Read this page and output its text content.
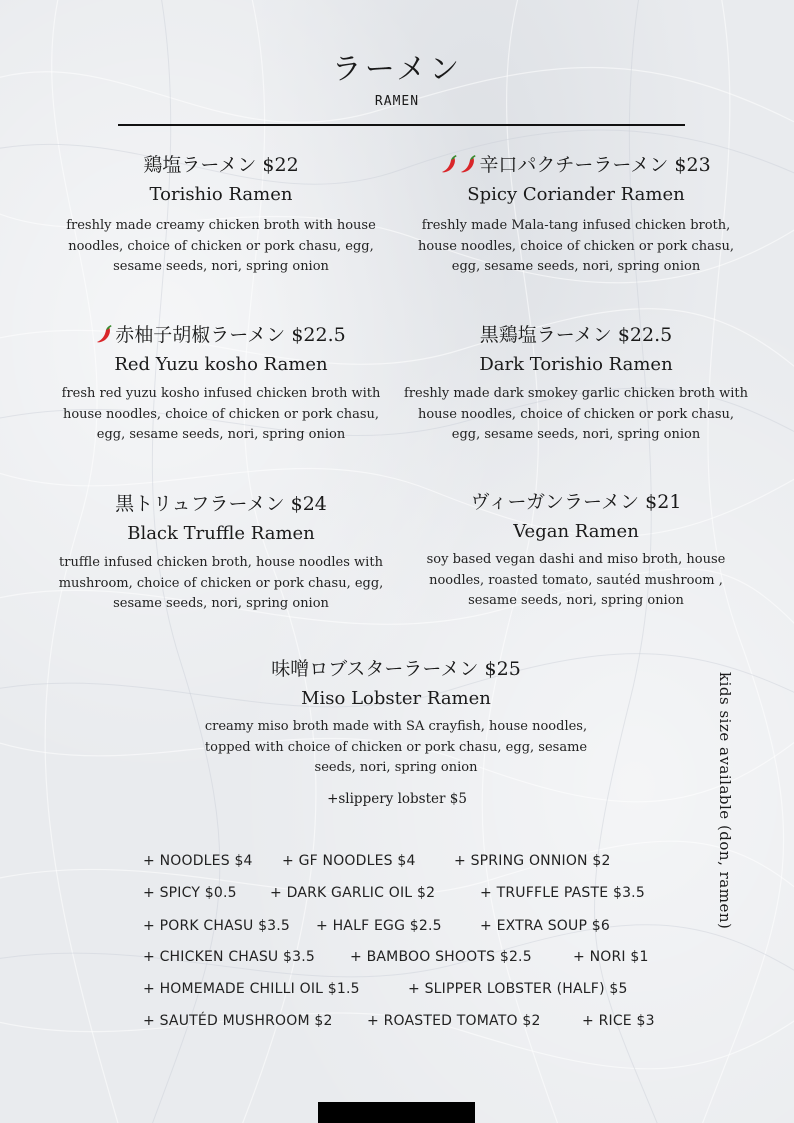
ラーメン
RAMEN
鶏塩ラーメン $22
Torishio Ramen
freshly made creamy chicken broth with house noodles, choice of chicken or pork chasu, egg, sesame seeds, nori, spring onion
辛口パクチーラーメン $23
Spicy Coriander Ramen
freshly made Mala-tang infused chicken broth, house noodles, choice of chicken or pork chasu, egg, sesame seeds, nori, spring onion
赤柚子胡椒ラーメン $22.5
Red Yuzu kosho Ramen
fresh red yuzu kosho infused chicken broth with house noodles, choice of chicken or pork chasu, egg, sesame seeds, nori, spring onion
黒鶏塩ラーメン $22.5
Dark Torishio Ramen
freshly made dark smokey garlic chicken broth with house noodles, choice of chicken or pork chasu, egg, sesame seeds, nori, spring onion
黒トリュフラーメン $24
Black Truffle Ramen
truffle infused chicken broth, house noodles with mushroom, choice of chicken or pork chasu, egg, sesame seeds, nori, spring onion
ヴィーガンラーメン $21
Vegan Ramen
soy based vegan dashi and miso broth, house noodles, roasted tomato, sautéd mushroom , sesame seeds, nori, spring onion
味噌ロブスターラーメン $25
Miso Lobster Ramen
creamy miso broth made with SA crayfish, house noodles, topped with choice of chicken or pork chasu, egg, sesame seeds, nori, spring onion
+slippery lobster $5
+ NOODLES $4 + GF NOODLES $4	+ SPRING ONNION $2
+ SPICY $0.5 + DARK GARLIC OIL $2	+ TRUFFLE PASTE $3.5
+ PORK CHASU $3.5 + HALF EGG $2.5	+ EXTRA SOUP $6
+ CHICKEN CHASU $3.5	+ BAMBOO SHOOTS $2.5	+ NORI $1
+ HOMEMADE CHILLI OIL $1.5	+ SLIPPER LOBSTER (HALF) $5
+ SAUTÉD MUSHROOM $2 + ROASTED TOMATO $2	+ RICE $3
kids size available (don, ramen)
